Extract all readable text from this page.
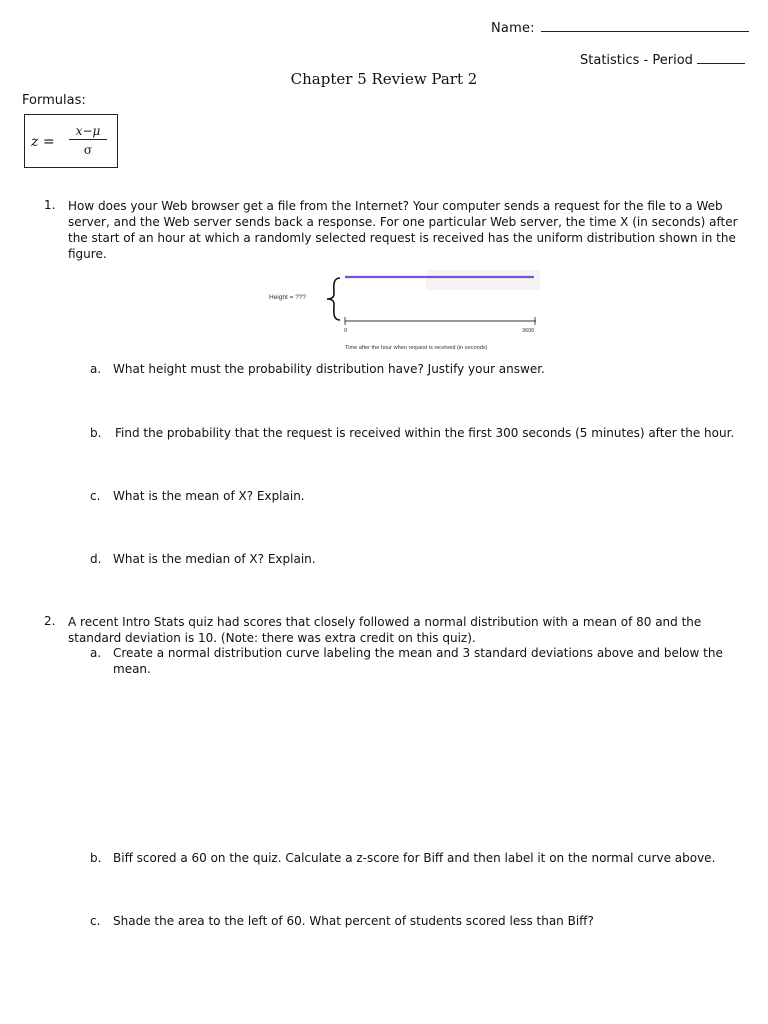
Name:
Statistics - Period
Chapter 5 Review Part 2
Formulas:
$z = \frac{x-\mu}{\sigma}$
1. How does your Web browser get a file from the Internet? Your computer sends a request for the file to a Web server, and the Web server sends back a response. For one particular Web server, the time X (in seconds) after the start of an hour at which a randomly selected request is received has the uniform distribution shown in the figure.
Height = ???
0	3600
Time after the hour when request is received (in seconds)
a. What height must the probability distribution have? Justify your answer.
b. Find the probability that the request is received within the first 300 seconds (5 minutes) after the hour.
c. What is the mean of X? Explain.
d. What is the median of X? Explain.
2. A recent Intro Stats quiz had scores that closely followed a normal distribution with a mean of 80 and the standard deviation is 10. (Note: there was extra credit on this quiz).
a. Create a normal distribution curve labeling the mean and 3 standard deviations above and below the mean.
b. Biff scored a 60 on the quiz. Calculate a z-score for Biff and then label it on the normal curve above.
c. Shade the area to the left of 60. What percent of students scored less than Biff?
